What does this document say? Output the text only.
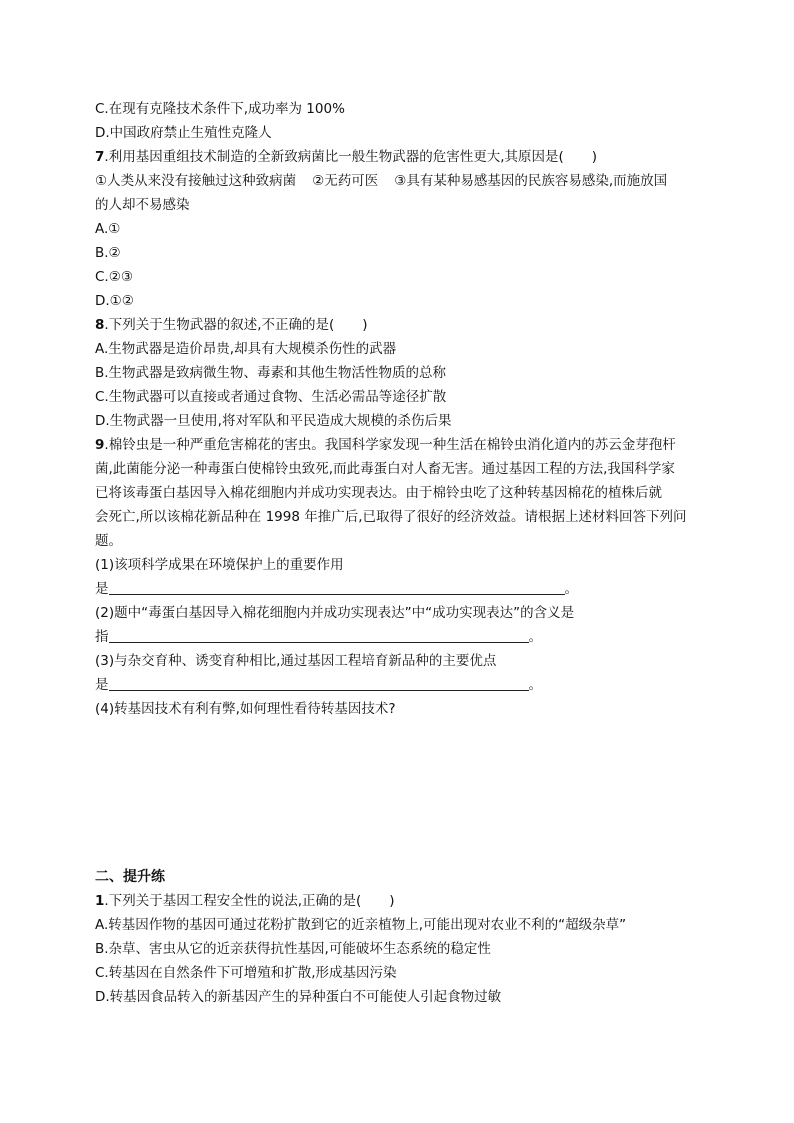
C.在现有克隆技术条件下,成功率为 100%
D.中国政府禁止生殖性克隆人
7.利用基因重组技术制造的全新致病菌比一般生物武器的危害性更大,其原因是( )
①人类从来没有接触过这种致病菌 ②无药可医 ③具有某种易感基因的民族容易感染,而施放国
的人却不易感染
A.①
B.②
C.②③
D.①②
8.下列关于生物武器的叙述,不正确的是( )
A.生物武器是造价昂贵,却具有大规模杀伤性的武器
B.生物武器是致病微生物、毒素和其他生物活性物质的总称
C.生物武器可以直接或者通过食物、生活必需品等途径扩散
D.生物武器一旦使用,将对军队和平民造成大规模的杀伤后果
9.棉铃虫是一种严重危害棉花的害虫。我国科学家发现一种生活在棉铃虫消化道内的苏云金芽孢杆
菌,此菌能分泌一种毒蛋白使棉铃虫致死,而此毒蛋白对人畜无害。通过基因工程的方法,我国科学家
已将该毒蛋白基因导入棉花细胞内并成功实现表达。由于棉铃虫吃了这种转基因棉花的植株后就
会死亡,所以该棉花新品种在 1998 年推广后,已取得了很好的经济效益。请根据上述材料回答下列问
题。
(1)该项科学成果在环境保护上的重要作用
是	。
(2)题中“毒蛋白基因导入棉花细胞内并成功实现表达”中“成功实现表达”的含义是
指	。
(3)与杂交育种、诱变育种相比,通过基因工程培育新品种的主要优点
是	。
(4)转基因技术有利有弊,如何理性看待转基因技术?
二、提升练
1.下列关于基因工程安全性的说法,正确的是( )
A.转基因作物的基因可通过花粉扩散到它的近亲植物上,可能出现对农业不利的“超级杂草”
B.杂草、害虫从它的近亲获得抗性基因,可能破坏生态系统的稳定性
C.转基因在自然条件下可增殖和扩散,形成基因污染
D.转基因食品转入的新基因产生的异种蛋白不可能使人引起食物过敏
